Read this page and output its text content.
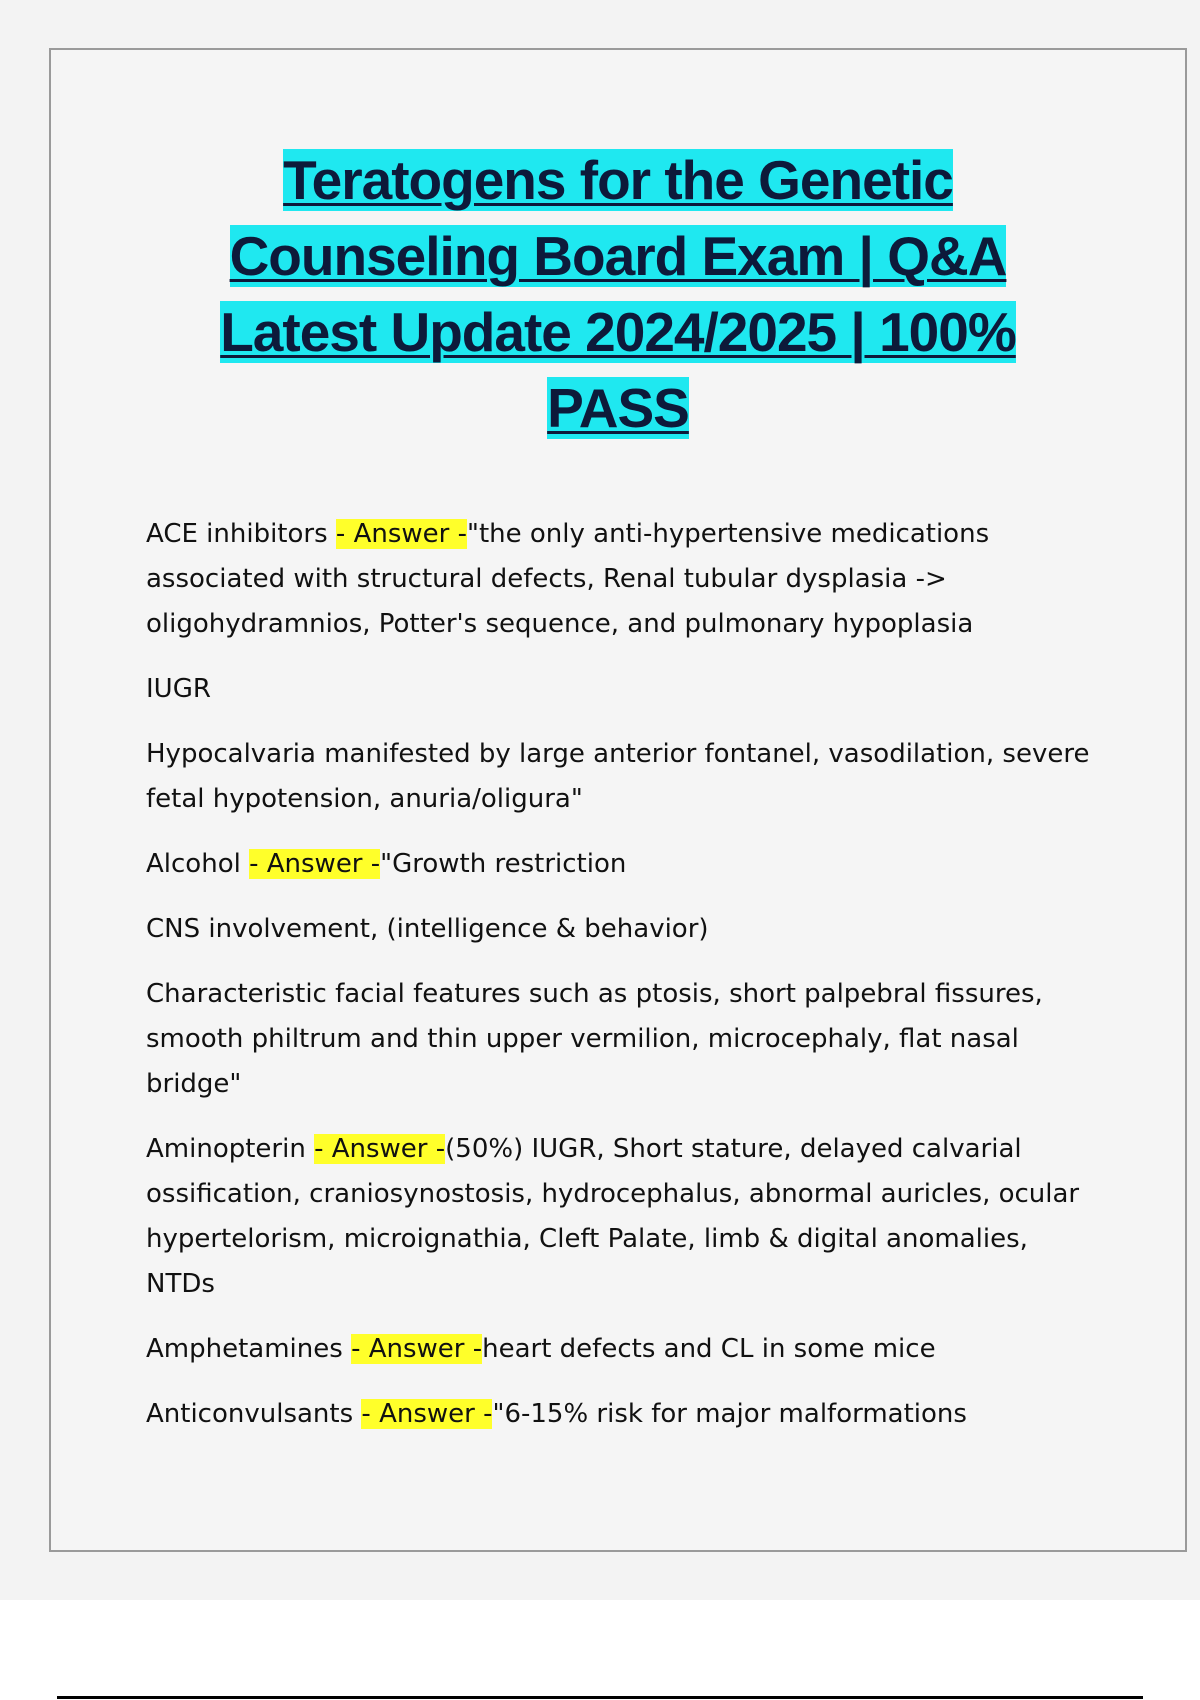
Teratogens for the Genetic Counseling Board Exam | Q&A Latest Update 2024/2025 | 100% PASS

ACE inhibitors - Answer -"the only anti-hypertensive medications associated with structural defects, Renal tubular dysplasia -> oligohydramnios, Potter's sequence, and pulmonary hypoplasia

IUGR

Hypocalvaria manifested by large anterior fontanel, vasodilation, severe fetal hypotension, anuria/oligura"

Alcohol - Answer -"Growth restriction

CNS involvement, (intelligence & behavior)

Characteristic facial features such as ptosis, short palpebral fissures, smooth philtrum and thin upper vermilion, microcephaly, flat nasal bridge"

Aminopterin - Answer -(50%) IUGR, Short stature, delayed calvarial ossification, craniosynostosis, hydrocephalus, abnormal auricles, ocular hypertelorism, microignathia, Cleft Palate, limb & digital anomalies, NTDs

Amphetamines - Answer -heart defects and CL in some mice

Anticonvulsants - Answer -"6-15% risk for major malformations
